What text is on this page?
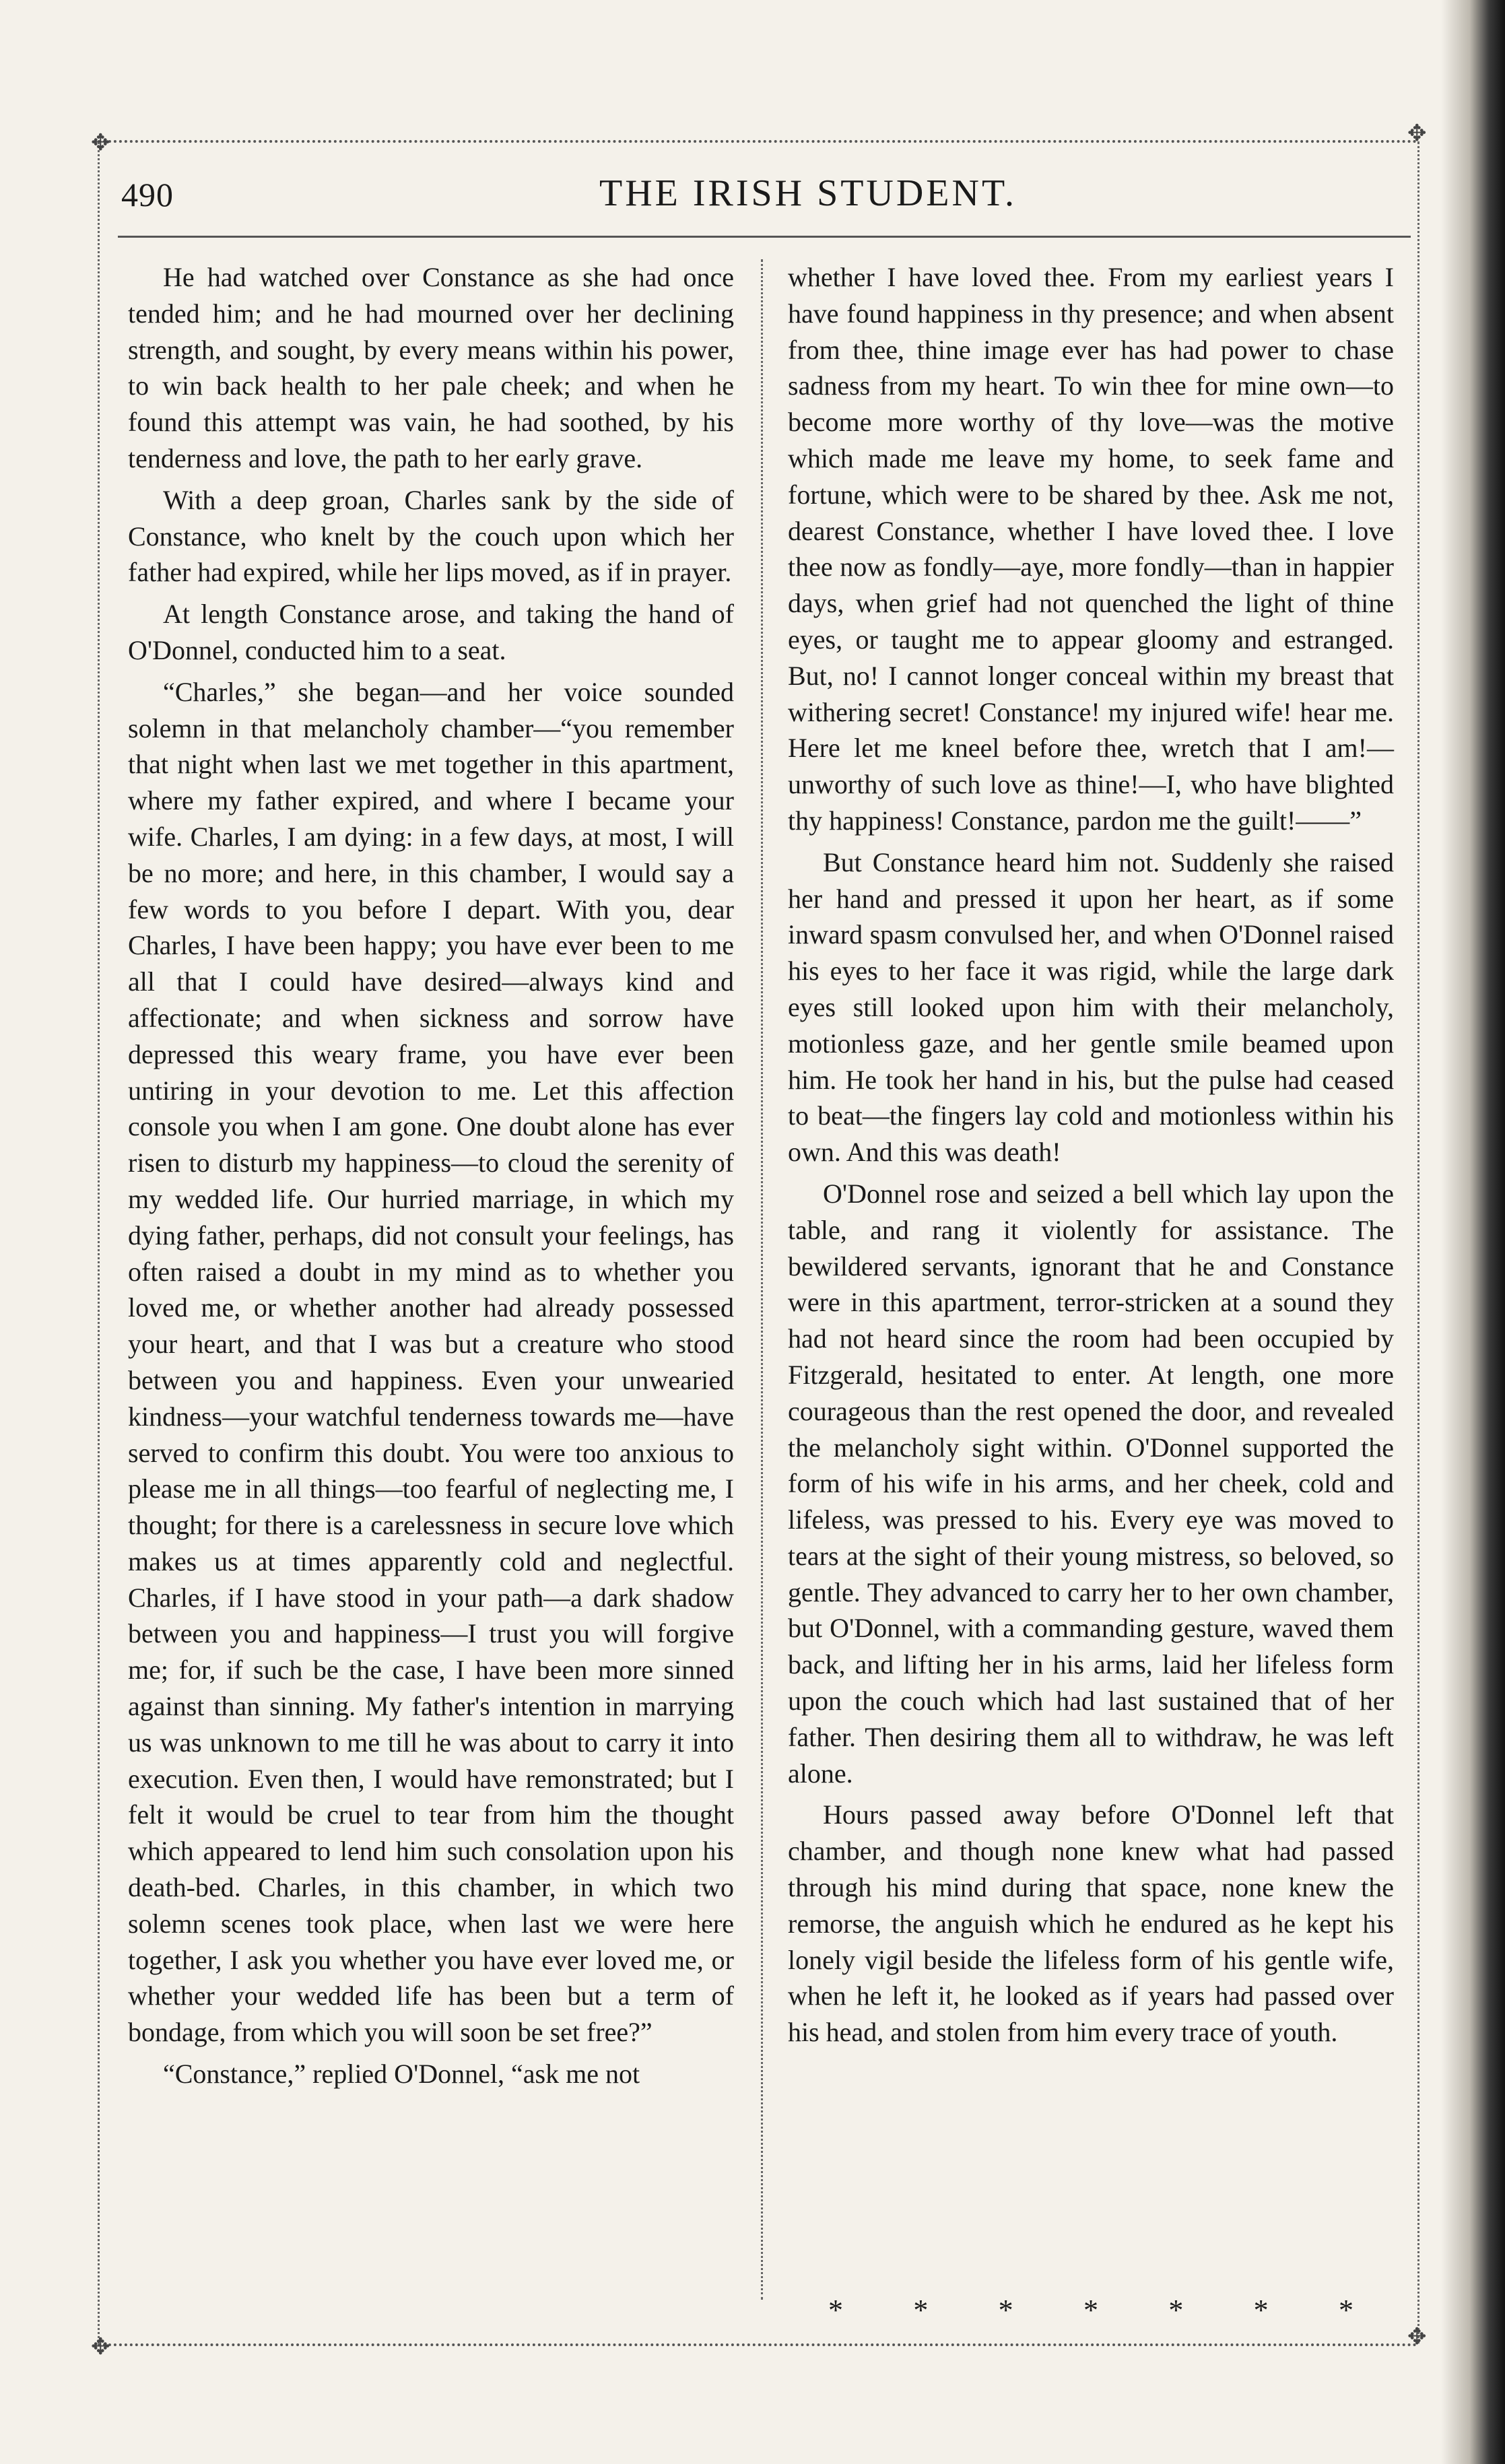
✥	✥
✥	✥
490	THE IRISH STUDENT.

He had watched over Constance as she had once tended him; and he had mourned over her declining strength, and sought, by every means within his power, to win back health to her pale cheek; and when he found this attempt was vain, he had soothed, by his tenderness and love, the path to her early grave.

With a deep groan, Charles sank by the side of Constance, who knelt by the couch upon which her father had expired, while her lips moved, as if in prayer.

At length Constance arose, and taking the hand of O'Donnel, conducted him to a seat.

“Charles,” she began—and her voice sounded solemn in that melancholy chamber—“you remember that night when last we met together in this apartment, where my father expired, and where I became your wife. Charles, I am dying: in a few days, at most, I will be no more; and here, in this chamber, I would say a few words to you before I depart. With you, dear Charles, I have been happy; you have ever been to me all that I could have desired—always kind and affectionate; and when sickness and sorrow have depressed this weary frame, you have ever been untiring in your devotion to me. Let this affection console you when I am gone. One doubt alone has ever risen to disturb my happiness—to cloud the serenity of my wedded life. Our hurried marriage, in which my dying father, perhaps, did not consult your feelings, has often raised a doubt in my mind as to whether you loved me, or whether another had already possessed your heart, and that I was but a creature who stood between you and happiness. Even your unwearied kindness—your watchful tenderness towards me—have served to confirm this doubt. You were too anxious to please me in all things—too fearful of neglecting me, I thought; for there is a carelessness in secure love which makes us at times apparently cold and neglectful. Charles, if I have stood in your path—a dark shadow between you and happiness—I trust you will forgive me; for, if such be the case, I have been more sinned against than sinning. My father's intention in marrying us was unknown to me till he was about to carry it into execution. Even then, I would have remonstrated; but I felt it would be cruel to tear from him the thought which appeared to lend him such consolation upon his death-bed. Charles, in this chamber, in which two solemn scenes took place, when last we were here together, I ask you whether you have ever loved me, or whether your wedded life has been but a term of bondage, from which you will soon be set free?”

“Constance,” replied O'Donnel, “ask me not

whether I have loved thee. From my earliest years I have found happiness in thy presence; and when absent from thee, thine image ever has had power to chase sadness from my heart. To win thee for mine own—to become more worthy of thy love—was the motive which made me leave my home, to seek fame and fortune, which were to be shared by thee. Ask me not, dearest Constance, whether I have loved thee. I love thee now as fondly—aye, more fondly—than in happier days, when grief had not quenched the light of thine eyes, or taught me to appear gloomy and estranged. But, no! I cannot longer conceal within my breast that withering secret! Constance! my injured wife! hear me. Here let me kneel before thee, wretch that I am!—unworthy of such love as thine!—I, who have blighted thy happiness! Constance, pardon me the guilt!——”

But Constance heard him not. Suddenly she raised her hand and pressed it upon her heart, as if some inward spasm convulsed her, and when O'Donnel raised his eyes to her face it was rigid, while the large dark eyes still looked upon him with their melancholy, motionless gaze, and her gentle smile beamed upon him. He took her hand in his, but the pulse had ceased to beat—the fingers lay cold and motionless within his own. And this was death!

O'Donnel rose and seized a bell which lay upon the table, and rang it violently for assistance. The bewildered servants, ignorant that he and Constance were in this apartment, terror-stricken at a sound they had not heard since the room had been occupied by Fitzgerald, hesitated to enter. At length, one more courageous than the rest opened the door, and revealed the melancholy sight within. O'Donnel supported the form of his wife in his arms, and her cheek, cold and lifeless, was pressed to his. Every eye was moved to tears at the sight of their young mistress, so beloved, so gentle. They advanced to carry her to her own chamber, but O'Donnel, with a commanding gesture, waved them back, and lifting her in his arms, laid her lifeless form upon the couch which had last sustained that of her father. Then desiring them all to withdraw, he was left alone.

Hours passed away before O'Donnel left that chamber, and though none knew what had passed through his mind during that space, none knew the remorse, the anguish which he endured as he kept his lonely vigil beside the lifeless form of his gentle wife, when he left it, he looked as if years had passed over his head, and stolen from him every trace of youth.

* * * * * * *
